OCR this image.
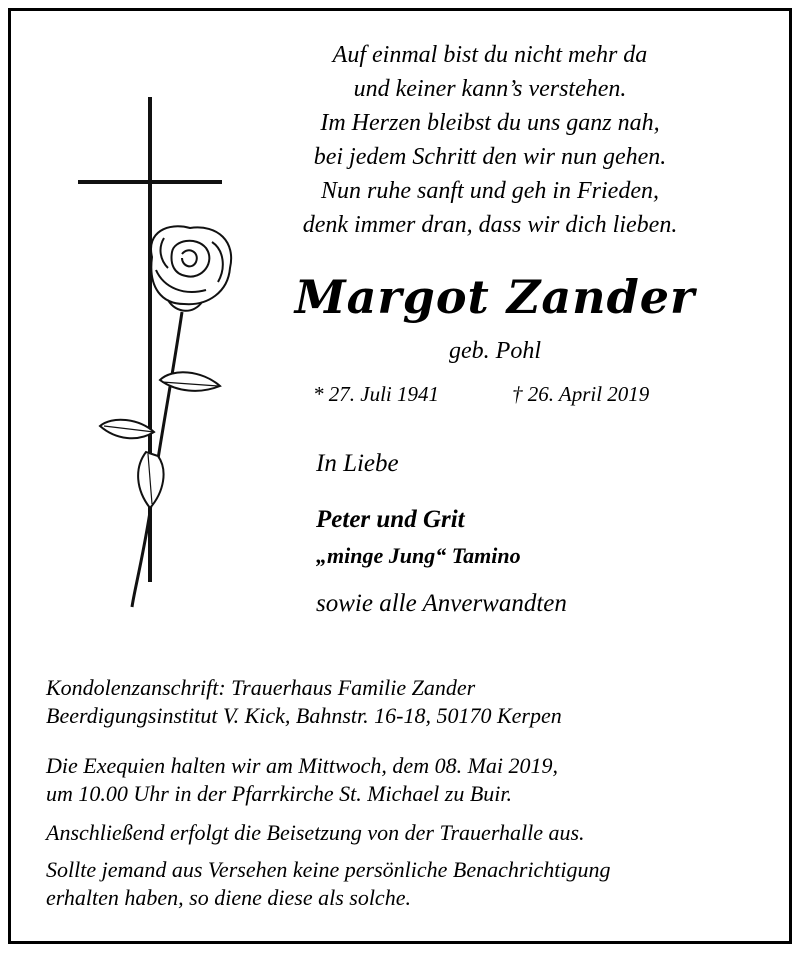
Auf einmal bist du nicht mehr da
und keiner kann’s verstehen.
Im Herzen bleibst du uns ganz nah,
bei jedem Schritt den wir nun gehen.
Nun ruhe sanft und geh in Frieden,
denk immer dran, dass wir dich lieben.
Margot Zander
geb. Pohl
* 27. Juli 1941	† 26. April 2019
In Liebe
Peter und Grit
„minge Jung“ Tamino
sowie alle Anverwandten
Kondolenzanschrift: Trauerhaus Familie Zander
Beerdigungsinstitut V. Kick, Bahnstr. 16-18, 50170 Kerpen
Die Exequien halten wir am Mittwoch, dem 08. Mai 2019,
um 10.00 Uhr in der Pfarrkirche St. Michael zu Buir.
Anschließend erfolgt die Beisetzung von der Trauerhalle aus.
Sollte jemand aus Versehen keine persönliche Benachrichtigung
erhalten haben, so diene diese als solche.
